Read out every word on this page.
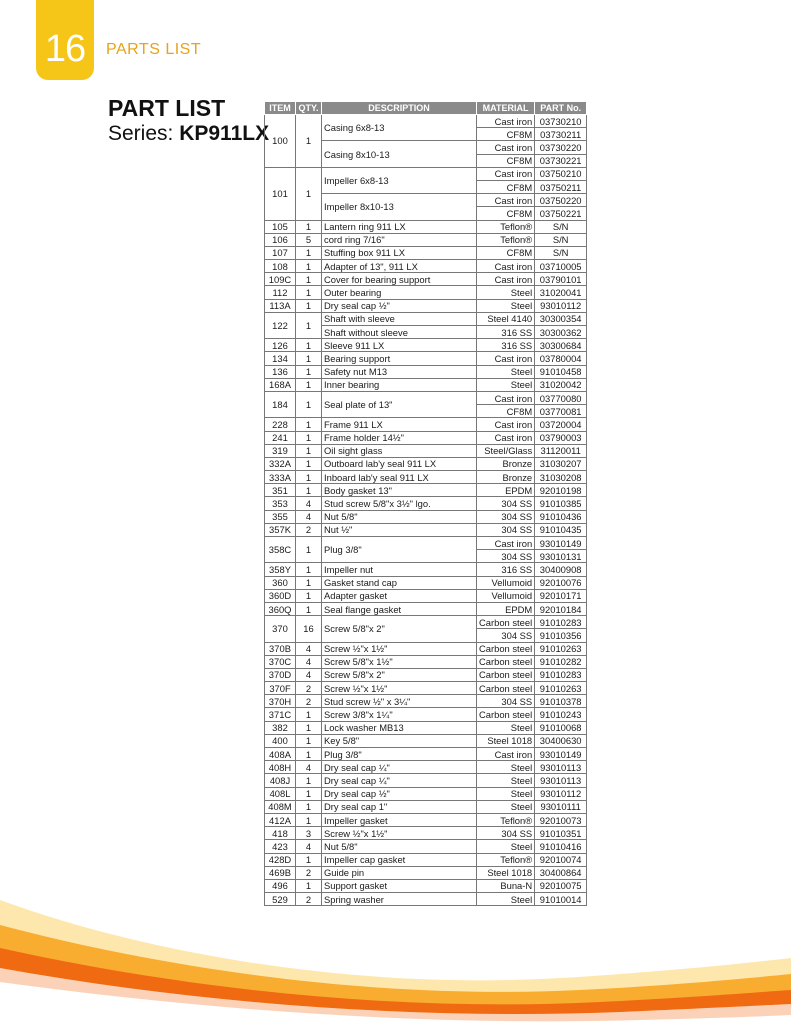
16 PARTS LIST
PART LIST
Series: KP911LX
ITEM	QTY.	DESCRIPTION	MATERIAL	PART No.
100	1	Casing 6x8-13	Cast iron	03730210
			CF8M	03730211
		Casing 8x10-13	Cast iron	03730220
			CF8M	03730221
101	1	Impeller 6x8-13	Cast iron	03750210
			CF8M	03750211
		Impeller 8x10-13	Cast iron	03750220
			CF8M	03750221
105	1	Lantern ring 911 LX	Teflon®	S/N
106	5	cord ring 7/16"	Teflon®	S/N
107	1	Stuffing box 911 LX	CF8M	S/N
108	1	Adapter of 13", 911 LX	Cast iron	03710005
109C	1	Cover for bearing support	Cast iron	03790101
112	1	Outer bearing	Steel	31020041
113A	1	Dry seal cap ½"	Steel	93010112
122	1	Shaft with sleeve	Steel 4140	30300354
		Shaft without sleeve	316 SS	30300362
126	1	Sleeve 911 LX	316 SS	30300684
134	1	Bearing support	Cast iron	03780004
136	1	Safety nut M13	Steel	91010458
168A	1	Inner bearing	Steel	31020042
184	1	Seal plate of 13"	Cast iron	03770080
			CF8M	03770081
228	1	Frame 911 LX	Cast iron	03720004
241	1	Frame holder 14½"	Cast iron	03790003
319	1	Oil sight glass	Steel/Glass	31120011
332A	1	Outboard lab'y seal 911 LX	Bronze	31030207
333A	1	Inboard lab'y seal 911 LX	Bronze	31030208
351	1	Body gasket 13"	EPDM	92010198
353	4	Stud screw 5/8"x 3½" lgo.	304 SS	91010385
355	4	Nut 5/8"	304 SS	91010436
357K	2	Nut ½"	304 SS	91010435
358C	1	Plug 3/8"	Cast iron	93010149
			304 SS	93010131
358Y	1	Impeller nut	316 SS	30400908
360	1	Gasket stand cap	Vellumoid	92010076
360D	1	Adapter gasket	Vellumoid	92010171
360Q	1	Seal flange gasket	EPDM	92010184
370	16	Screw 5/8"x 2"	Carbon steel	91010283
			304 SS	91010356
370B	4	Screw ½"x 1½"	Carbon steel	91010263
370C	4	Screw 5/8"x 1½"	Carbon steel	91010282
370D	4	Screw 5/8"x 2"	Carbon steel	91010283
370F	2	Screw ½"x 1½"	Carbon steel	91010263
370H	2	Stud screw ½" x 3¼"	304 SS	91010378
371C	1	Screw 3/8"x 1¼"	Carbon steel	91010243
382	1	Lock washer MB13	Steel	91010068
400	1	Key 5/8"	Steel 1018	30400630
408A	1	Plug 3/8"	Cast iron	93010149
408H	4	Dry seal cap ¼"	Steel	93010113
408J	1	Dry seal cap ¼"	Steel	93010113
408L	1	Dry seal cap ½"	Steel	93010112
408M	1	Dry seal cap 1"	Steel	93010111
412A	1	Impeller gasket	Teflon®	92010073
418	3	Screw ½"x 1½"	304 SS	91010351
423	4	Nut 5/8"	Steel	91010416
428D	1	Impeller cap gasket	Teflon®	92010074
469B	2	Guide pin	Steel 1018	30400864
496	1	Support gasket	Buna-N	92010075
529	2	Spring washer	Steel	91010014
